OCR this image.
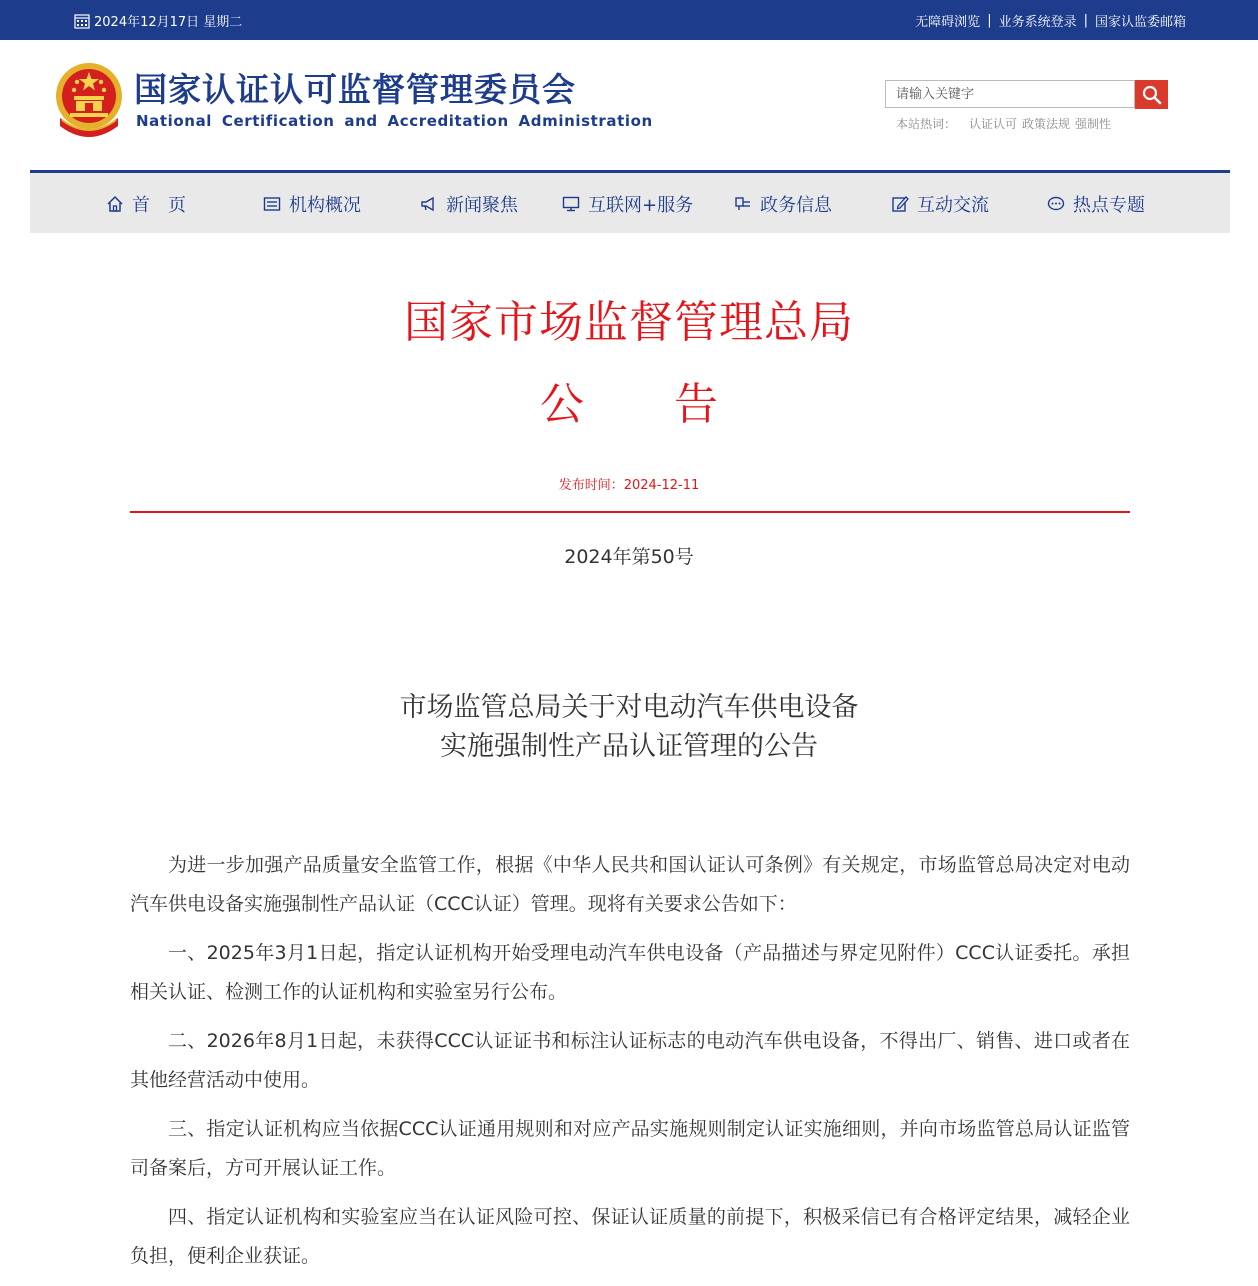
2024年12月17日 星期二	无障碍浏览 | 业务系统登录 | 国家认监委邮箱
国家认证认可监督管理委员会
National Certification and Accreditation Administration
请输入关键字
本站热词： 认证认可 政策法规 强制性
首　页	机构概况	新闻聚焦	互联网+服务	政务信息	互动交流	热点专题
国家市场监督管理总局
公 告
发布时间：2024-12-11
2024年第50号
市场监管总局关于对电动汽车供电设备
实施强制性产品认证管理的公告

为进一步加强产品质量安全监管工作，根据《中华人民共和国认证认可条例》有关规定，市场监管总局决定对电动汽车供电设备实施强制性产品认证（CCC认证）管理。现将有关要求公告如下：

一、2025年3月1日起，指定认证机构开始受理电动汽车供电设备（产品描述与界定见附件）CCC认证委托。承担相关认证、检测工作的认证机构和实验室另行公布。

二、2026年8月1日起，未获得CCC认证证书和标注认证标志的电动汽车供电设备，不得出厂、销售、进口或者在其他经营活动中使用。

三、指定认证机构应当依据CCC认证通用规则和对应产品实施规则制定认证实施细则，并向市场监管总局认证监管司备案后，方可开展认证工作。

四、指定认证机构和实验室应当在认证风险可控、保证认证质量的前提下，积极采信已有合格评定结果，减轻企业负担，便利企业获证。
